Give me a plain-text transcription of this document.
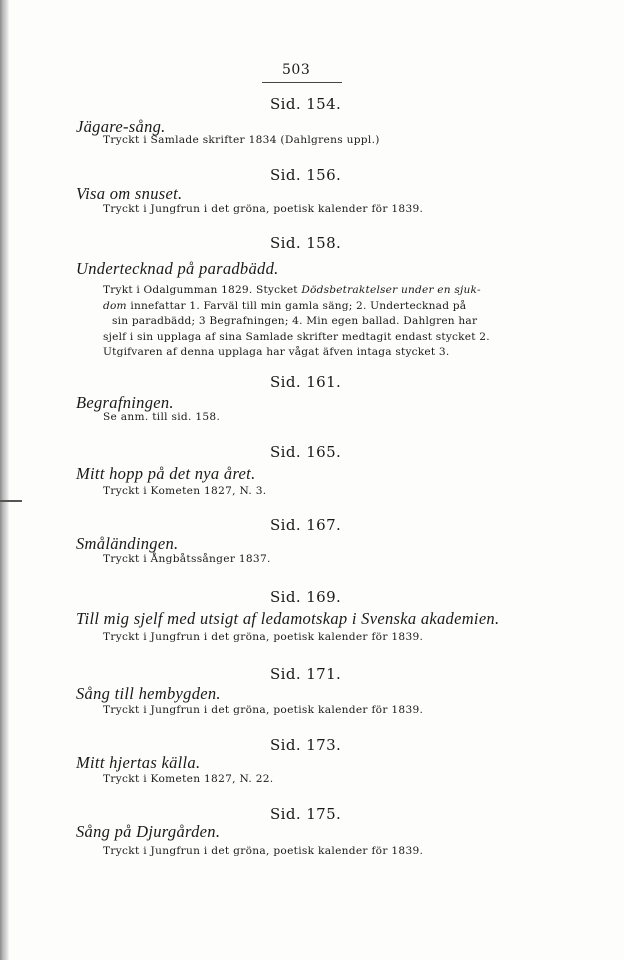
503
Sid. 154.
Jägare-sång.
Tryckt i Samlade skrifter 1834 (Dahlgrens uppl.)
Sid. 156.
Visa om snuset.
Tryckt i Jungfrun i det gröna, poetisk kalender för 1839.
Sid. 158.
Undertecknad på paradbädd.
Trykt i Odalgumman 1829. Stycket Dödsbetraktelser under en sjuk-
dom innefattar 1. Farväl till min gamla säng; 2. Undertecknad på
sin paradbädd; 3 Begrafningen; 4. Min egen ballad. Dahlgren har
sjelf i sin upplaga af sina Samlade skrifter medtagit endast stycket 2.
Utgifvaren af denna upplaga har vågat äfven intaga stycket 3.
Sid. 161.
Begrafningen.
Se anm. till sid. 158.
Sid. 165.
Mitt hopp på det nya året.
Tryckt i Kometen 1827, N. 3.
Sid. 167.
Småländingen.
Tryckt i Ångbåtssånger 1837.
Sid. 169.
Till mig sjelf med utsigt af ledamotskap i Svenska akademien.
Tryckt i Jungfrun i det gröna, poetisk kalender för 1839.
Sid. 171.
Sång till hembygden.
Tryckt i Jungfrun i det gröna, poetisk kalender för 1839.
Sid. 173.
Mitt hjertas källa.
Tryckt i Kometen 1827, N. 22.
Sid. 175.
Sång på Djurgården.
Tryckt i Jungfrun i det gröna, poetisk kalender för 1839.
